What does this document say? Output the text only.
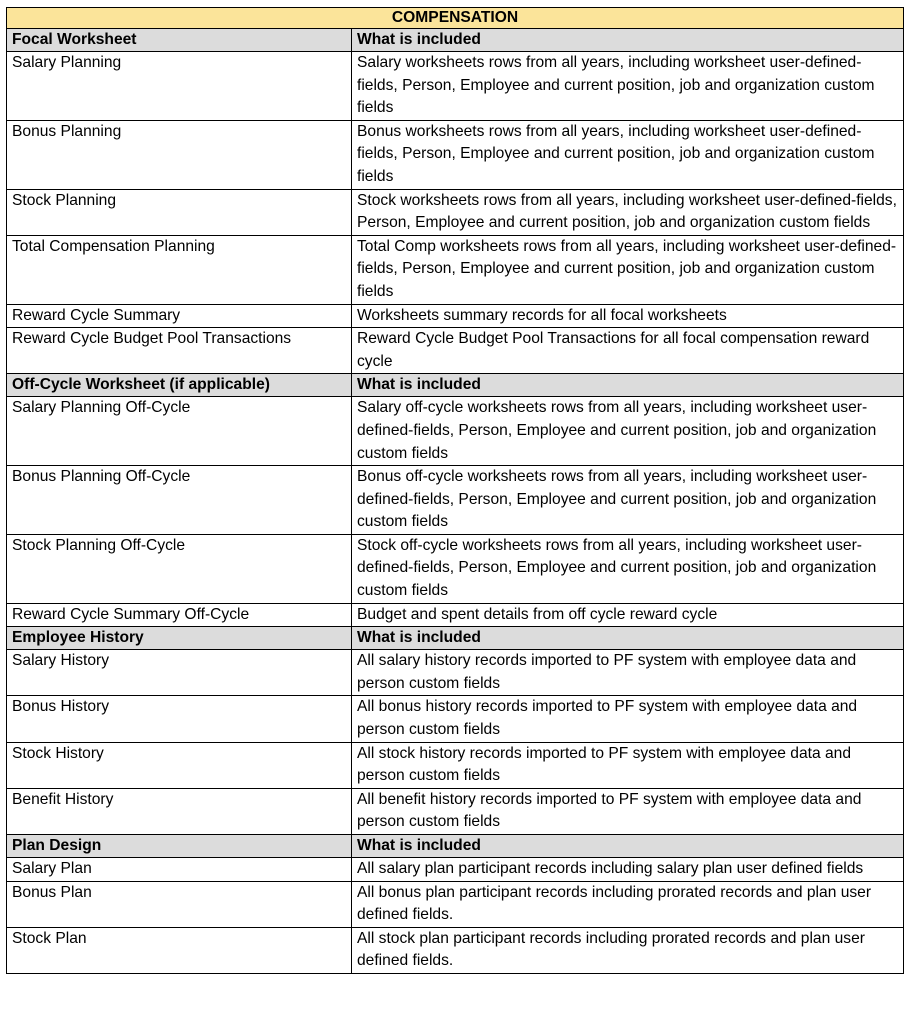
COMPENSATION	
Focal Worksheet	What is included
Salary Planning	Salary worksheets rows from all years, including worksheet user-defined-fields, Person, Employee and current position, job and organization custom fields
Bonus Planning	Bonus worksheets rows from all years, including worksheet user-defined-fields, Person, Employee and current position, job and organization custom fields
Stock Planning	Stock worksheets rows from all years, including worksheet user-defined-fields, Person, Employee and current position, job and organization custom fields
Total Compensation Planning	Total Comp worksheets rows from all years, including worksheet user-defined-fields, Person, Employee and current position, job and organization custom fields
Reward Cycle Summary	Worksheets summary records for all focal worksheets
Reward Cycle Budget Pool Transactions	Reward Cycle Budget Pool Transactions for all focal compensation reward cycle
Off-Cycle Worksheet (if applicable)	What is included
Salary Planning Off-Cycle	Salary off-cycle worksheets rows from all years, including worksheet user-defined-fields, Person, Employee and current position, job and organization custom fields
Bonus Planning Off-Cycle	Bonus off-cycle worksheets rows from all years, including worksheet user-defined-fields, Person, Employee and current position, job and organization custom fields
Stock Planning Off-Cycle	Stock off-cycle worksheets rows from all years, including worksheet user-defined-fields, Person, Employee and current position, job and organization custom fields
Reward Cycle Summary Off-Cycle	Budget and spent details from off cycle reward cycle
Employee History	What is included
Salary History	All salary history records imported to PF system with employee data and person custom fields
Bonus History	All bonus history records imported to PF system with employee data and person custom fields
Stock History	All stock history records imported to PF system with employee data and person custom fields
Benefit History	All benefit history records imported to PF system with employee data and person custom fields
Plan Design	What is included
Salary Plan	All salary plan participant records including salary plan user defined fields
Bonus Plan	All bonus plan participant records including prorated records and plan user defined fields.
Stock Plan	All stock plan participant records including prorated records and plan user defined fields.
